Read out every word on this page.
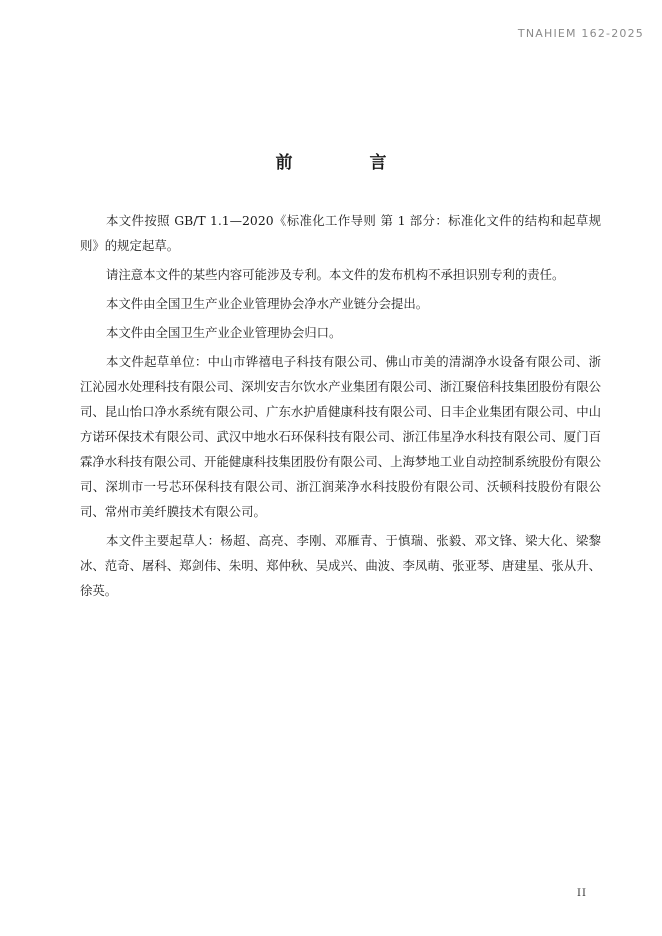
TNAHIEM 162-2025
前　言

本文件按照 GB/T 1.1—2020《标准化工作导则 第 1 部分：标准化文件的结构和起草规则》的规定起草。

请注意本文件的某些内容可能涉及专利。本文件的发布机构不承担识别专利的责任。

本文件由全国卫生产业企业管理协会净水产业链分会提出。

本文件由全国卫生产业企业管理协会归口。

本文件起草单位：中山市铧禧电子科技有限公司、佛山市美的清湖净水设备有限公司、浙江沁园水处理科技有限公司、深圳安吉尔饮水产业集团有限公司、浙江聚倍科技集团股份有限公司、昆山怡口净水系统有限公司、广东水护盾健康科技有限公司、日丰企业集团有限公司、中山方诺环保技术有限公司、武汉中地水石环保科技有限公司、浙江伟星净水科技有限公司、厦门百霖净水科技有限公司、开能健康科技集团股份有限公司、上海梦地工业自动控制系统股份有限公司、深圳市一号芯环保科技有限公司、浙江润莱净水科技股份有限公司、沃顿科技股份有限公司、常州市美纤膜技术有限公司。

本文件主要起草人：杨超、高亮、李刚、邓雁青、于慎瑞、张毅、邓文锋、梁大化、梁黎冰、范奇、屠科、郑剑伟、朱明、郑仲秋、吴成兴、曲波、李凤萌、张亚琴、唐建星、张从升、徐英。

II
